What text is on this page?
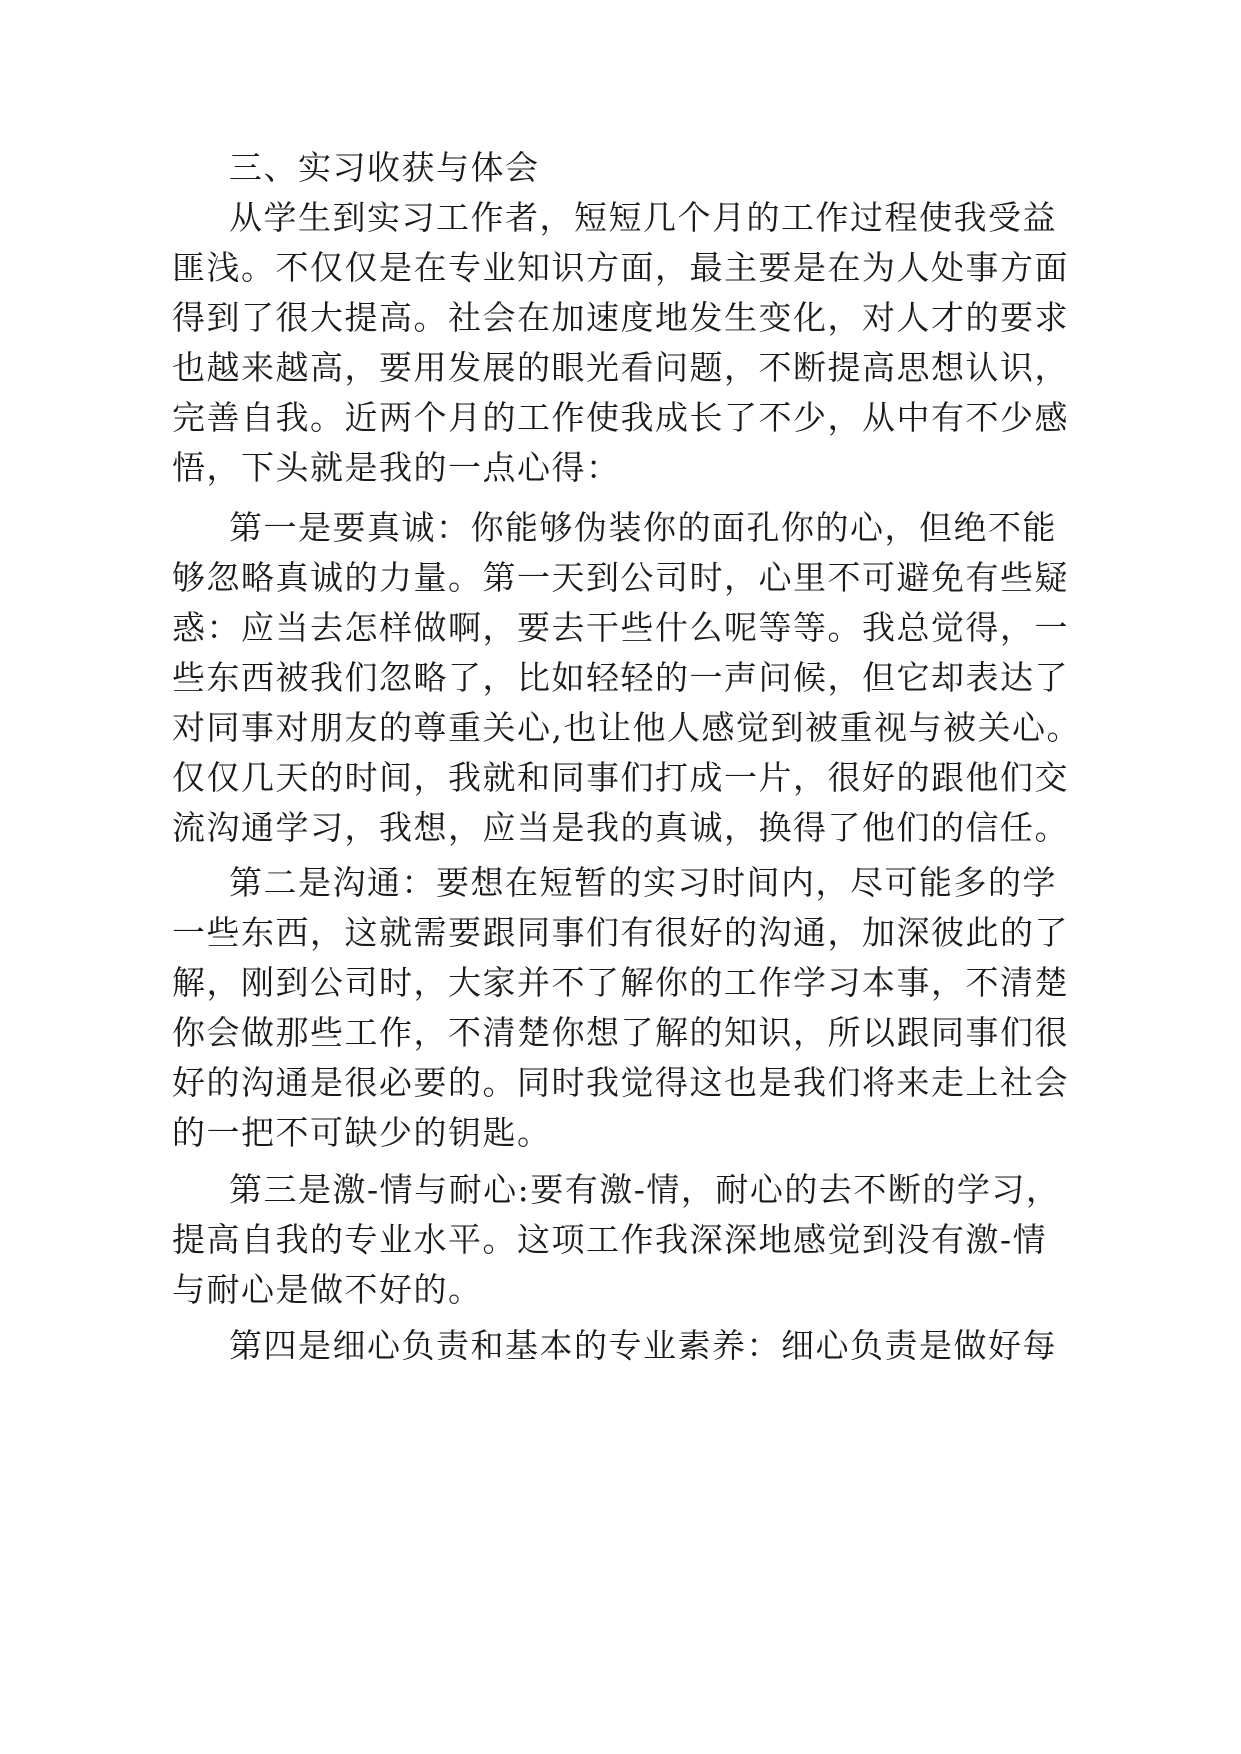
三、实习收获与体会
从学生到实习工作者，短短几个月的工作过程使我受益
匪浅。不仅仅是在专业知识方面，最主要是在为人处事方面
得到了很大提高。社会在加速度地发生变化，对人才的要求
也越来越高，要用发展的眼光看问题，不断提高思想认识，
完善自我。近两个月的工作使我成长了不少，从中有不少感
悟，下头就是我的一点心得：
第一是要真诚：你能够伪装你的面孔你的心，但绝不能
够忽略真诚的力量。第一天到公司时，心里不可避免有些疑
惑：应当去怎样做啊，要去干些什么呢等等。我总觉得，一
些东西被我们忽略了，比如轻轻的一声问候，但它却表达了
对同事对朋友的尊重关心,也让他人感觉到被重视与被关心。
仅仅几天的时间，我就和同事们打成一片，很好的跟他们交
流沟通学习，我想，应当是我的真诚，换得了他们的信任。
第二是沟通：要想在短暂的实习时间内，尽可能多的学
一些东西，这就需要跟同事们有很好的沟通，加深彼此的了
解，刚到公司时，大家并不了解你的工作学习本事，不清楚
你会做那些工作，不清楚你想了解的知识，所以跟同事们很
好的沟通是很必要的。同时我觉得这也是我们将来走上社会
的一把不可缺少的钥匙。
第三是激-情与耐心:要有激-情，耐心的去不断的学习，
提高自我的专业水平。这项工作我深深地感觉到没有激-情
与耐心是做不好的。
第四是细心负责和基本的专业素养：细心负责是做好每
